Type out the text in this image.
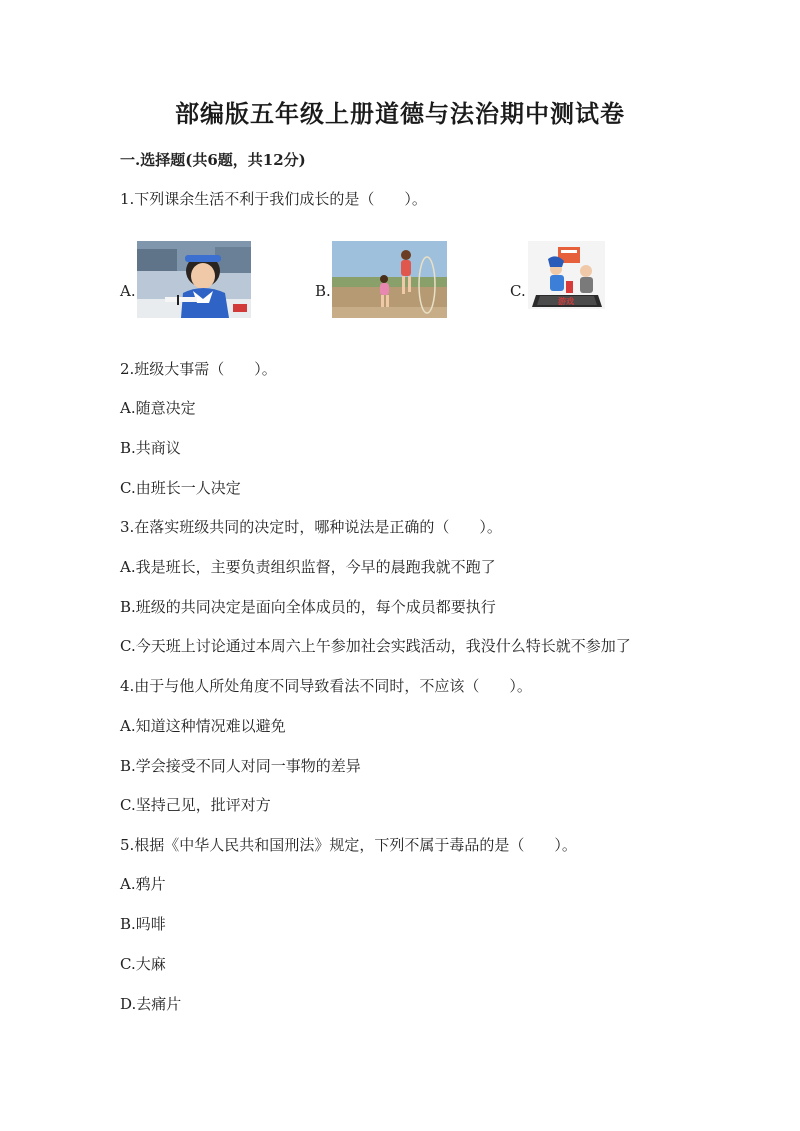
部编版五年级上册道德与法治期中测试卷
一.选择题(共6题，共12分)
1.下列课余生活不利于我们成长的是（　　）。
A.	B.	C.
游戏
2.班级大事需（　　）。
A.随意决定
B.共商议
C.由班长一人决定
3.在落实班级共同的决定时，哪种说法是正确的（　　）。
A.我是班长，主要负责组织监督，今早的晨跑我就不跑了
B.班级的共同决定是面向全体成员的，每个成员都要执行
C.今天班上讨论通过本周六上午参加社会实践活动，我没什么特长就不参加了
4.由于与他人所处角度不同导致看法不同时，不应该（　　）。
A.知道这种情况难以避免
B.学会接受不同人对同一事物的差异
C.坚持己见，批评对方
5.根据《中华人民共和国刑法》规定，下列不属于毒品的是（　　）。
A.鸦片
B.吗啡
C.大麻
D.去痛片
